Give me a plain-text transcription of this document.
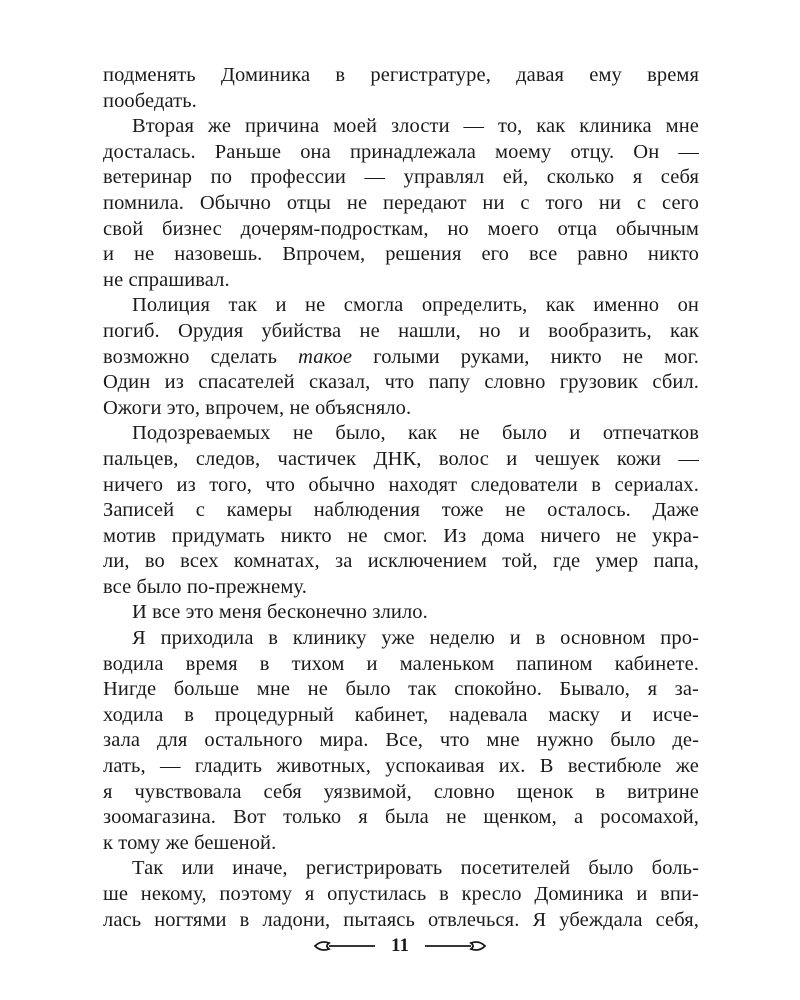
подменять Доминика в регистратуре, давая ему время
пообедать.
Вторая же причина моей злости — то, как клиника мне
досталась. Раньше она принадлежала моему отцу. Он —
ветеринар по профессии — управлял ей, сколько я себя
помнила. Обычно отцы не передают ни с того ни с сего
свой бизнес дочерям-подросткам, но моего отца обычным
и не назовешь. Впрочем, решения его все равно никто
не спрашивал.
Полиция так и не смогла определить, как именно он
погиб. Орудия убийства не нашли, но и вообразить, как
возможно сделать такое голыми руками, никто не мог.
Один из спасателей сказал, что папу словно грузовик сбил.
Ожоги это, впрочем, не объясняло.
Подозреваемых не было, как не было и отпечатков
пальцев, следов, частичек ДНК, волос и чешуек кожи —
ничего из того, что обычно находят следователи в сериалах.
Записей с камеры наблюдения тоже не осталось. Даже
мотив придумать никто не смог. Из дома ничего не укра-
ли, во всех комнатах, за исключением той, где умер папа,
все было по-прежнему.
И все это меня бесконечно злило.
Я приходила в клинику уже неделю и в основном про-
водила время в тихом и маленьком папином кабинете.
Нигде больше мне не было так спокойно. Бывало, я за-
ходила в процедурный кабинет, надевала маску и исче-
зала для остального мира. Все, что мне нужно было де-
лать, — гладить животных, успокаивая их. В вестибюле же
я чувствовала себя уязвимой, словно щенок в витрине
зоомагазина. Вот только я была не щенком, а росомахой,
к тому же бешеной.
Так или иначе, регистрировать посетителей было боль-
ше некому, поэтому я опустилась в кресло Доминика и впи-
лась ногтями в ладони, пытаясь отвлечься. Я убеждала себя,
11
